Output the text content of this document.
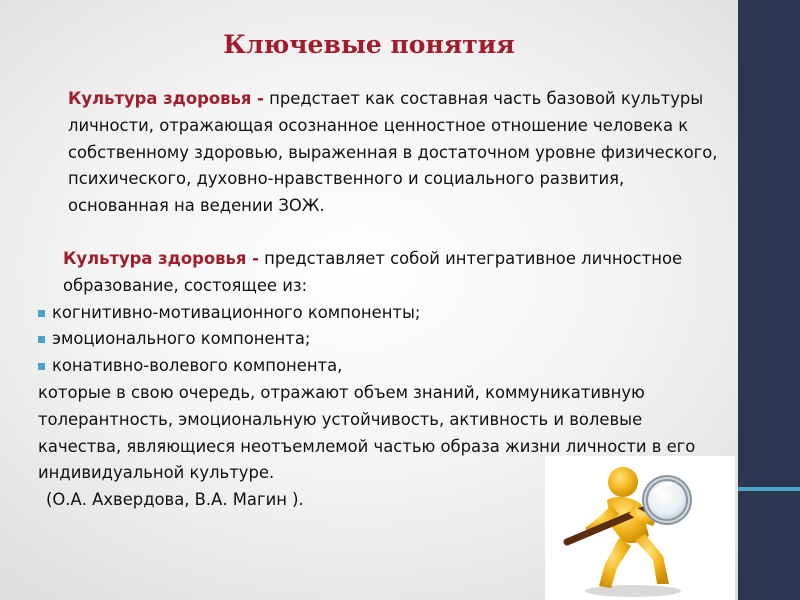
Ключевые понятия

Культура здоровья - предстает как составная часть базовой культуры личности, отражающая осознанное ценностное отношение человека к собственному здоровью, выраженная в достаточном уровне физического, психического, духовно-нравственного и социального развития, основанная на ведении ЗОЖ.

Культура здоровья - представляет собой интегративное личностное образование, состоящее из:

когнитивно-мотивационного компоненты;
эмоционального компонента;
конативно-волевого компонента,

которые в свою очередь, отражают объем знаний, коммуникативную толерантность, эмоциональную устойчивость, активность и волевые качества, являющиеся неотъемлемой частью образа жизни личности в его индивидуальной культуре.

(О.А. Ахвердова, В.А. Магин ).
